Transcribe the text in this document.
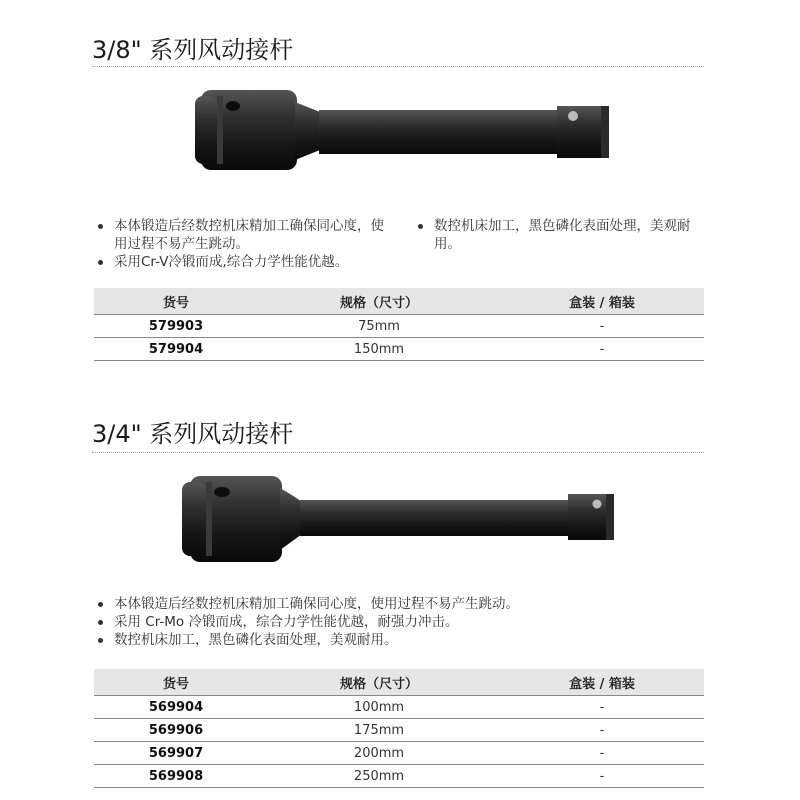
3/8" 系列风动接杆

本体锻造后经数控机床精加工确保同心度，使用过程不易产生跳动。

采用Cr-V冷锻而成,综合力学性能优越。

数控机床加工，黑色磷化表面处理，美观耐用。

货号	规格（尺寸）	盒装 / 箱装
579903	75mm	-
579904	150mm	-
3/4" 系列风动接杆

本体锻造后经数控机床精加工确保同心度，使用过程不易产生跳动。

采用 Cr-Mo 冷锻而成，综合力学性能优越，耐强力冲击。

数控机床加工，黑色磷化表面处理，美观耐用。

货号	规格（尺寸）	盒装 / 箱装
569904	100mm	-
569906	175mm	-
569907	200mm	-
569908	250mm	-
